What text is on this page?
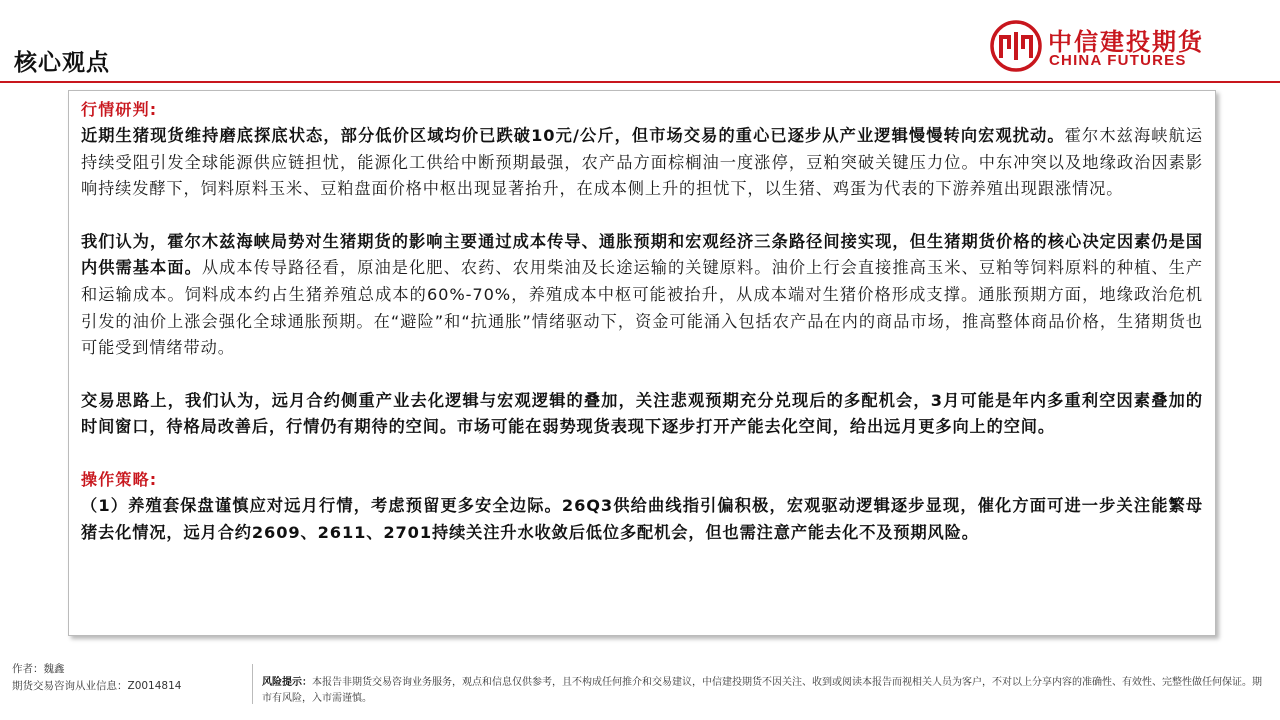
核心观点
中信建投期货
CHINA FUTURES
行情研判:

近期生猪现货维持磨底探底状态，部分低价区域均价已跌破10元/公斤，但市场交易的重心已逐步从产业逻辑慢慢转向宏观扰动。霍尔木兹海峡航运持续受阻引发全球能源供应链担忧，能源化工供给中断预期最强，农产品方面棕榈油一度涨停，豆粕突破关键压力位。中东冲突以及地缘政治因素影响持续发酵下，饲料原料玉米、豆粕盘面价格中枢出现显著抬升，在成本侧上升的担忧下，以生猪、鸡蛋为代表的下游养殖出现跟涨情况。

我们认为，霍尔木兹海峡局势对生猪期货的影响主要通过成本传导、通胀预期和宏观经济三条路径间接实现，但生猪期货价格的核心决定因素仍是国内供需基本面。从成本传导路径看，原油是化肥、农药、农用柴油及长途运输的关键原料。油价上行会直接推高玉米、豆粕等饲料原料的种植、生产和运输成本。饲料成本约占生猪养殖总成本的60%-70%，养殖成本中枢可能被抬升，从成本端对生猪价格形成支撑。通胀预期方面，地缘政治危机引发的油价上涨会强化全球通胀预期。在“避险”和“抗通胀”情绪驱动下，资金可能涌入包括农产品在内的商品市场，推高整体商品价格，生猪期货也可能受到情绪带动。

交易思路上，我们认为，远月合约侧重产业去化逻辑与宏观逻辑的叠加，关注悲观预期充分兑现后的多配机会，3月可能是年内多重利空因素叠加的时间窗口，待格局改善后，行情仍有期待的空间。市场可能在弱势现货表现下逐步打开产能去化空间，给出远月更多向上的空间。

操作策略:

（1）养殖套保盘谨慎应对远月行情，考虑预留更多安全边际。26Q3供给曲线指引偏积极，宏观驱动逻辑逐步显现，催化方面可进一步关注能繁母猪去化情况，远月合约2609、2611、2701持续关注升水收敛后低位多配机会，但也需注意产能去化不及预期风险。

作者：魏鑫
期货交易咨询从业信息：Z0014814	风险提示：本报告非期货交易咨询业务服务，观点和信息仅供参考，且不构成任何推介和交易建议，中信建投期货不因关注、收到或阅读本报告而视相关人员为客户，不对以上分享内容的准确性、有效性、完整性做任何保证。期市有风险，入市需谨慎。
